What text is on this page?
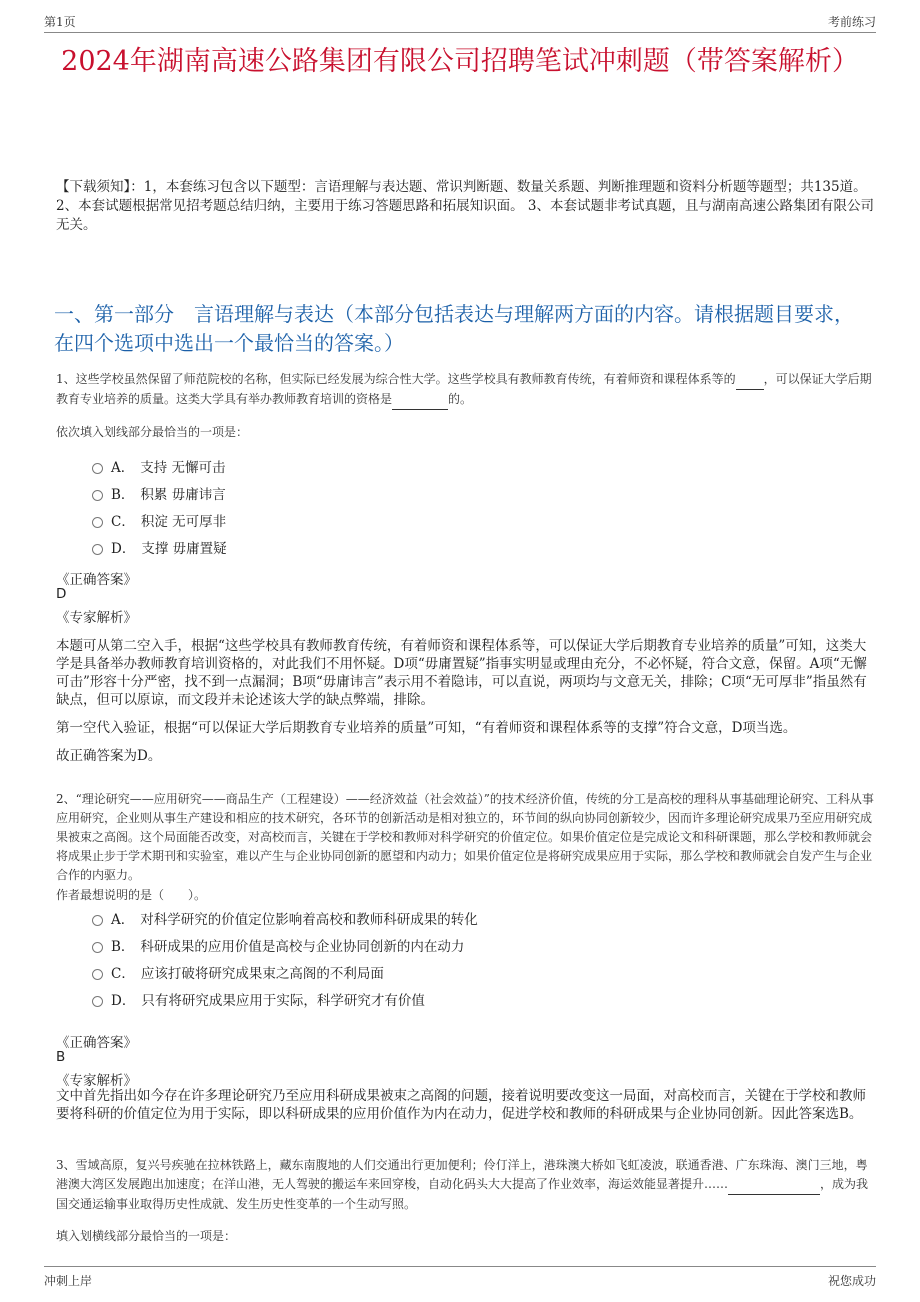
第1页	考前练习
2024年湖南高速公路集团有限公司招聘笔试冲刺题（带答案解析）
【下载须知】：1，本套练习包含以下题型：言语理解与表达题、常识判断题、数量关系题、判断推理题和资料分析题等题型；共135道。 2、本套试题根据常见招考题总结归纳，主要用于练习答题思路和拓展知识面。 3、本套试题非考试真题，且与湖南高速公路集团有限公司无关。
一、第一部分　言语理解与表达（本部分包括表达与理解两方面的内容。请根据题目要求，在四个选项中选出一个最恰当的答案。）
1、这些学校虽然保留了师范院校的名称，但实际已经发展为综合性大学。这些学校具有教师教育传统，有着师资和课程体系等的 ，可以保证大学后期教育专业培养的质量。这类大学具有举办教师教育培训的资格是	的。
依次填入划线部分最恰当的一项是：
A． 支持 无懈可击
B． 积累 毋庸讳言
C． 积淀 无可厚非
D． 支撑 毋庸置疑
《正确答案》
D
《专家解析》

本题可从第二空入手，根据“这些学校具有教师教育传统，有着师资和课程体系等，可以保证大学后期教育专业培养的质量”可知，这类大学是具备举办教师教育培训资格的，对此我们不用怀疑。D项“毋庸置疑”指事实明显或理由充分，不必怀疑，符合文意，保留。A项“无懈可击”形容十分严密，找不到一点漏洞；B项“毋庸讳言”表示用不着隐讳，可以直说，两项均与文意无关，排除；C项“无可厚非”指虽然有缺点，但可以原谅，而文段并未论述该大学的缺点弊端，排除。

第一空代入验证，根据“可以保证大学后期教育专业培养的质量”可知，“有着师资和课程体系等的支撑”符合文意，D项当选。

故正确答案为D。

2、“理论研究——应用研究——商品生产（工程建设）——经济效益（社会效益）”的技术经济价值，传统的分工是高校的理科从事基础理论研究、工科从事应用研究，企业则从事生产建设和相应的技术研究，各环节的创新活动是相对独立的，环节间的纵向协同创新较少，因而许多理论研究成果乃至应用研究成果被束之高阁。这个局面能否改变，对高校而言，关键在于学校和教师对科学研究的价值定位。如果价值定位是完成论文和科研课题，那么学校和教师就会将成果止步于学术期刊和实验室，难以产生与企业协同创新的愿望和内动力；如果价值定位是将研究成果应用于实际，那么学校和教师就会自发产生与企业合作的内驱力。
作者最想说明的是（　　）。
A． 对科学研究的价值定位影响着高校和教师科研成果的转化
B． 科研成果的应用价值是高校与企业协同创新的内在动力
C． 应该打破将研究成果束之高阁的不利局面
D． 只有将研究成果应用于实际，科学研究才有价值
《正确答案》
B
《专家解析》
文中首先指出如今存在许多理论研究乃至应用科研成果被束之高阁的问题，接着说明要改变这一局面，对高校而言，关键在于学校和教师要将科研的价值定位为用于实际，即以科研成果的应用价值作为内在动力，促进学校和教师的科研成果与企业协同创新。因此答案选B。
3、雪域高原，复兴号疾驰在拉林铁路上，藏东南腹地的人们交通出行更加便利；伶仃洋上，港珠澳大桥如飞虹凌波，联通香港、广东珠海、澳门三地，粤港澳大湾区发展跑出加速度；在洋山港，无人驾驶的搬运车来回穿梭，自动化码头大大提高了作业效率，海运效能显著提升……	，成为我国交通运输事业取得历史性成就、发生历史性变革的一个生动写照。
填入划横线部分最恰当的一项是：
冲刺上岸	祝您成功
